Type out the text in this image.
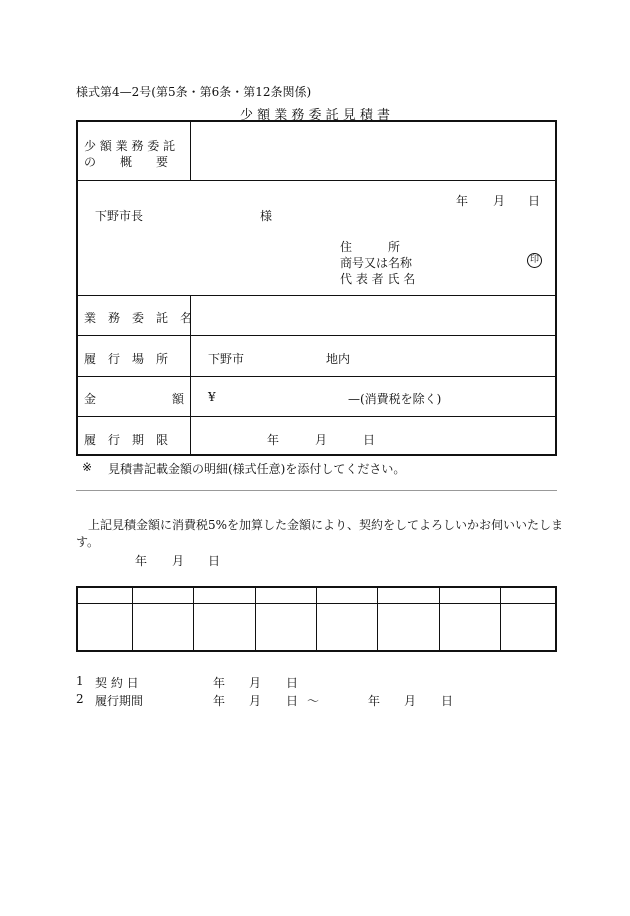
様式第4—2号(第5条・第6条・第12条関係)
少 額 業 務 委 託 見 積 書
少 額 業 務 委 託
の　　概　　要
年 月 日
下野市長	様
住　　　所
商号又は名称
代 表 者 氏 名
印
業　務　委　託　名
履　行　場　所	下野市	地内
金	額 ¥	—(消費税を除く)
履　行　期　限	年	月	日
※ 見積書記載金額の明細(様式任意)を添付してください。
上記見積金額に消費税5%を加算した金額により、契約をしてよろしいかお伺いいたしま
す。
年 月 日
1 契 約 日	年 月 日
2 履行期間	年 月 日 〜	年 月 日
